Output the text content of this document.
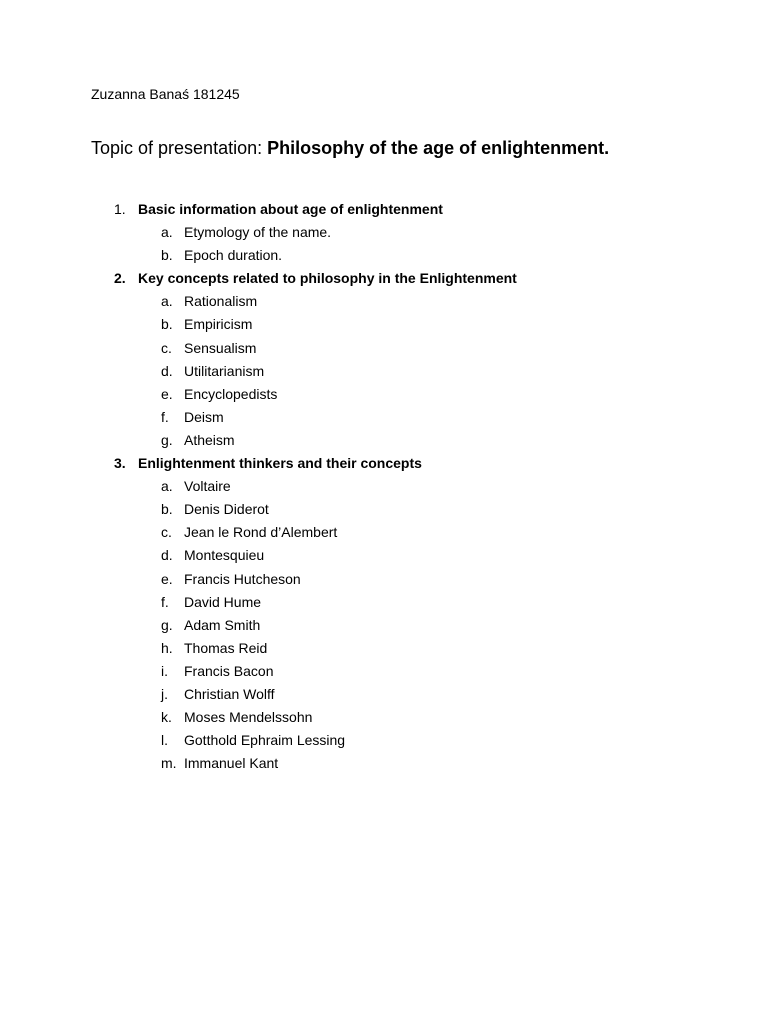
Zuzanna Banaś 181245
Topic of presentation: Philosophy of the age of enlightenment.
1. Basic information about age of enlightenment
a. Etymology of the name.
b. Epoch duration.
2. Key concepts related to philosophy in the Enlightenment
a. Rationalism
b. Empiricism
c. Sensualism
d. Utilitarianism
e. Encyclopedists
f. Deism
g. Atheism
3. Enlightenment thinkers and their concepts
a. Voltaire
b. Denis Diderot
c. Jean le Rond d’Alembert
d. Montesquieu
e. Francis Hutcheson
f. David Hume
g. Adam Smith
h. Thomas Reid
i. Francis Bacon
j. Christian Wolff
k. Moses Mendelssohn
l. Gotthold Ephraim Lessing
m. Immanuel Kant
